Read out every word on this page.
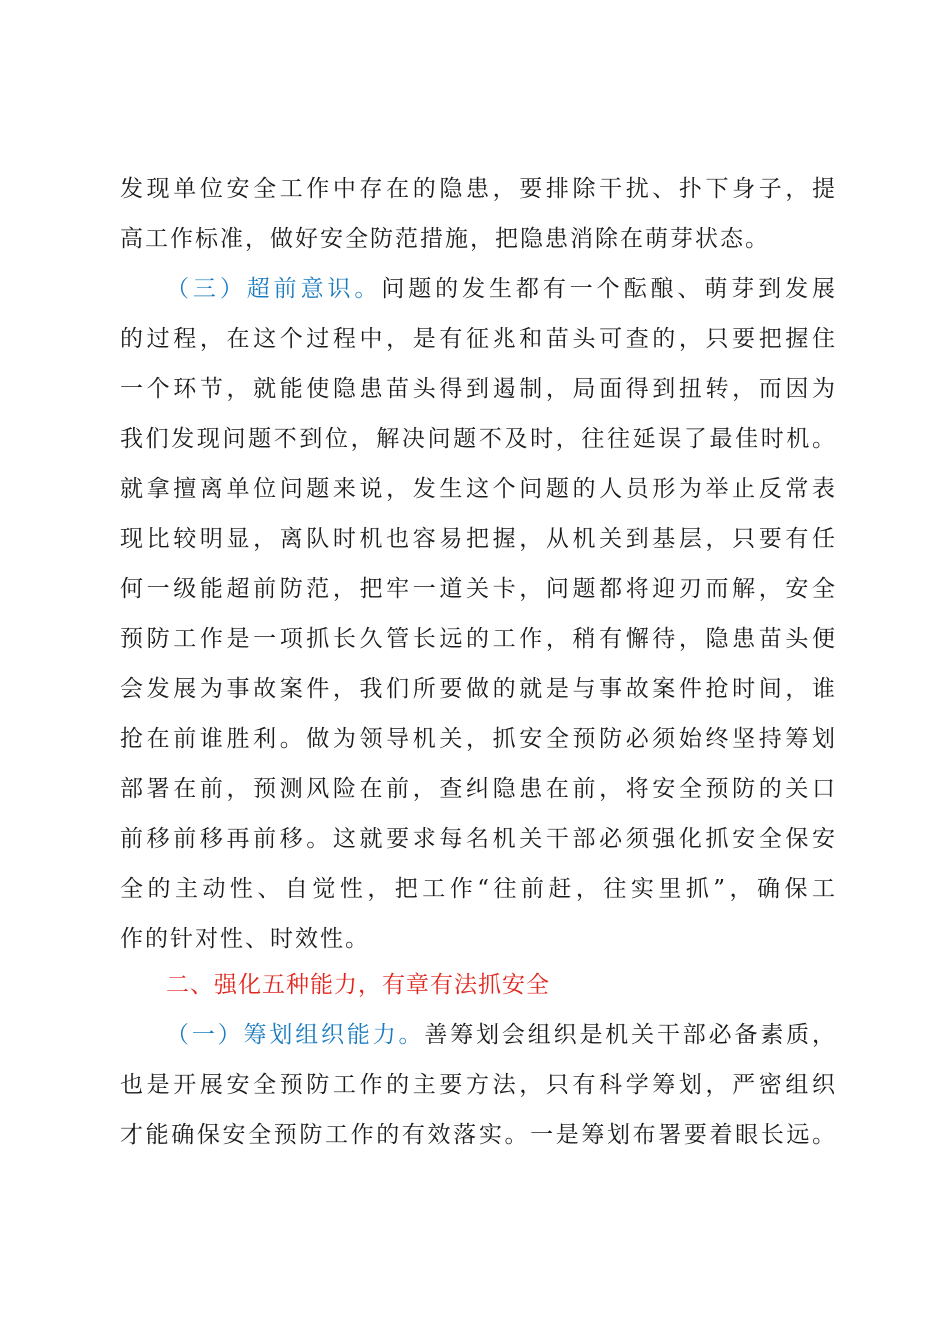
发现单位安全工作中存在的隐患，要排除干扰、扑下身子，提
高工作标准，做好安全防范措施，把隐患消除在萌芽状态。
（三）超前意识。问题的发生都有一个酝酿、萌芽到发展
的过程，在这个过程中，是有征兆和苗头可查的，只要把握住
一个环节，就能使隐患苗头得到遏制，局面得到扭转，而因为
我们发现问题不到位，解决问题不及时，往往延误了最佳时机。
就拿擅离单位问题来说，发生这个问题的人员形为举止反常表
现比较明显，离队时机也容易把握，从机关到基层，只要有任
何一级能超前防范，把牢一道关卡，问题都将迎刃而解，安全
预防工作是一项抓长久管长远的工作，稍有懈待，隐患苗头便
会发展为事故案件，我们所要做的就是与事故案件抢时间，谁
抢在前谁胜利。做为领导机关，抓安全预防必须始终坚持筹划
部署在前，预测风险在前，查纠隐患在前，将安全预防的关口
前移前移再前移。这就要求每名机关干部必须强化抓安全保安
全的主动性、自觉性，把工作“往前赶，往实里抓”，确保工
作的针对性、时效性。
二、强化五种能力，有章有法抓安全
（一）筹划组织能力。善筹划会组织是机关干部必备素质，
也是开展安全预防工作的主要方法，只有科学筹划，严密组织
才能确保安全预防工作的有效落实。一是筹划布署要着眼长远。
